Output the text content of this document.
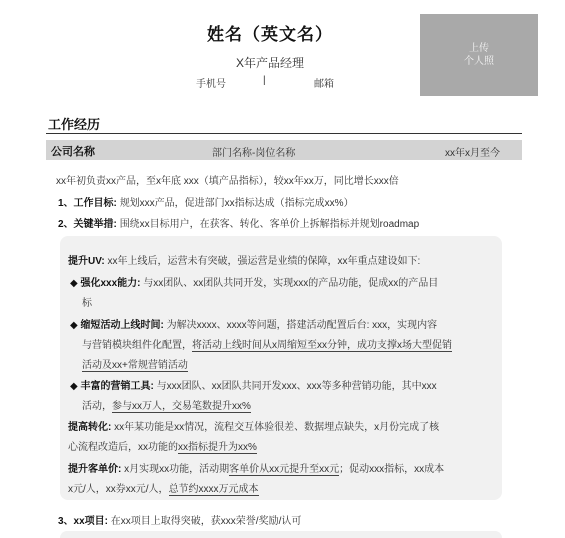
姓名（英文名）
X年产品经理
手机号	|	邮箱
上传
个人照
工作经历
公司名称	部门名称-岗位名称	xx年x月至今
xx年初负责xx产品，至x年底 xxx（填产品指标），较xx年xx万，同比增长xxx倍
1、工作目标: 规划xxx产品，促进部门xx指标达成（指标完成xx%）
2、关键举措: 围绕xx目标用户，在获客、转化、客单价上拆解指标并规划roadmap
提升UV: xx年上线后，运营未有突破，强运营是业绩的保障，xx年重点建设如下:
◆ 强化xxx能力: 与xx团队、xx团队共同开发，实现xxx的产品功能，促成xx的产品目
标
◆ 缩短活动上线时间: 为解决xxxx、xxxx等问题，搭建活动配置后台: xxx，实现内容
与营销模块组件化配置，将活动上线时间从x周缩短至xx分钟，成功支撑x场大型促销
活动及xx+常规营销活动
◆ 丰富的营销工具: 与xxx团队、xx团队共同开发xxx、xxx等多种营销功能，其中xxx
活动，参与xx万人，交易笔数提升xx%
提高转化: xx年某功能是xx情况，流程交互体验很差、数据埋点缺失，x月份完成了核
心流程改造后，xx功能的xx指标提升为xx%
提升客单价: x月实现xx功能，活动期客单价从xx元提升至xx元；促动xxx指标，xx成本
x元/人，xx券xx元/人，总节约xxxx万元成本
3、xx项目: 在xx项目上取得突破，获xxx荣誉/奖励/认可
